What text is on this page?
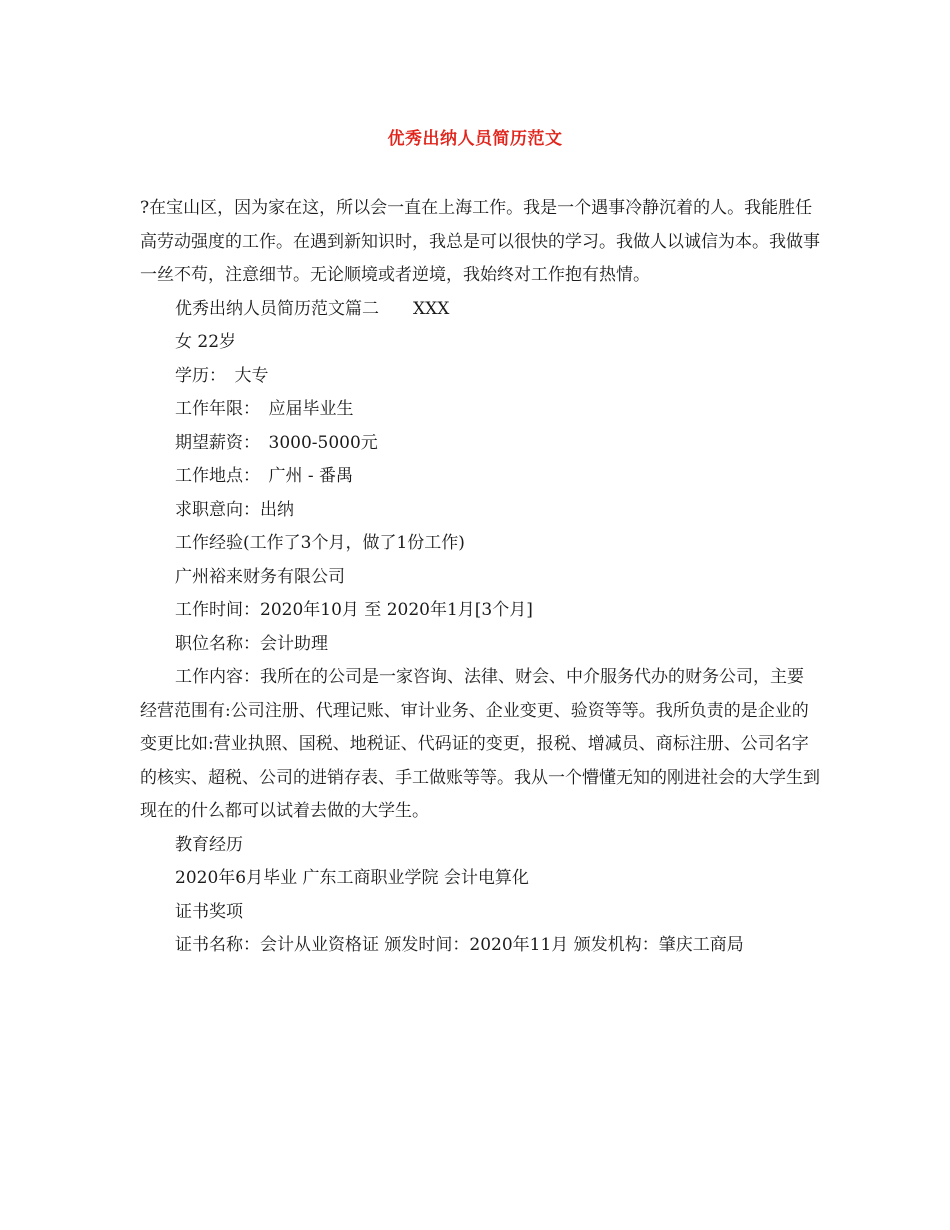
优秀出纳人员简历范文

?在宝山区，因为家在这，所以会一直在上海工作。我是一个遇事冷静沉着的人。我能胜任高劳动强度的工作。在遇到新知识时，我总是可以很快的学习。我做人以诚信为本。我做事一丝不苟，注意细节。无论顺境或者逆境，我始终对工作抱有热情。

优秀出纳人员简历范文篇二　　XXX

女 22岁

学历：　大专

工作年限：　应届毕业生

期望薪资：　3000-5000元

工作地点：　广州 - 番禺

求职意向：出纳

工作经验(工作了3个月，做了1份工作)

广州裕来财务有限公司

工作时间：2020年10月 至 2020年1月[3个月]

职位名称：会计助理

工作内容：我所在的公司是一家咨询、法律、财会、中介服务代办的财务公司，主要经营范围有:公司注册、代理记账、审计业务、企业变更、验资等等。我所负责的是企业的变更比如:营业执照、国税、地税证、代码证的变更，报税、增减员、商标注册、公司名字的核实、超税、公司的进销存表、手工做账等等。我从一个懵懂无知的刚进社会的大学生到现在的什么都可以试着去做的大学生。

教育经历

2020年6月毕业 广东工商职业学院 会计电算化

证书奖项

证书名称：会计从业资格证 颁发时间：2020年11月 颁发机构：肇庆工商局
